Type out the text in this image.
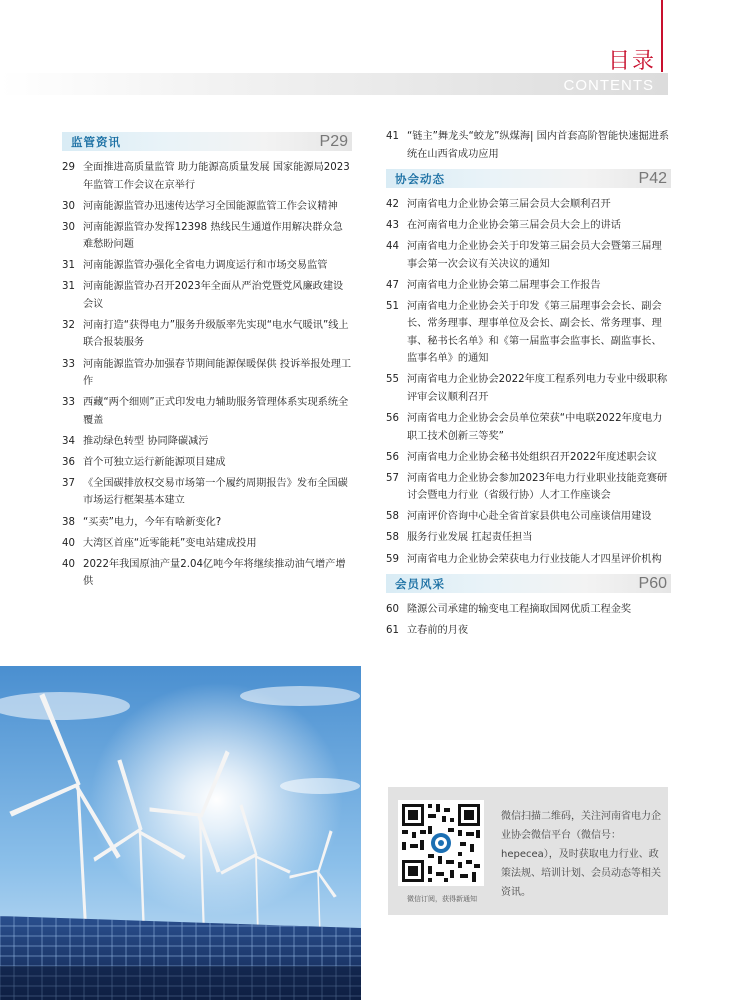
目录
CONTENTS
监管资讯	P29
29 全面推进高质量监管 助力能源高质量发展 国家能源局2023年监管工作会议在京举行
30 河南能源监管办迅速传达学习全国能源监管工作会议精神
30 河南能源监管办发挥12398 热线民生通道作用解决群众急难愁盼问题
31 河南能源监管办强化全省电力调度运行和市场交易监管
31 河南能源监管办召开2023年全面从严治党暨党风廉政建设会议
32 河南打造“获得电力”服务升级版率先实现“电水气暖讯”线上联合报装服务
33 河南能源监管办加强春节期间能源保暖保供 投诉举报处理工作
33 西藏“两个细则”正式印发电力辅助服务管理体系实现系统全覆盖
34 推动绿色转型 协同降碳减污
36 首个可独立运行新能源项目建成
37 《全国碳排放权交易市场第一个履约周期报告》发布全国碳市场运行框架基本建立
38 “买卖”电力，今年有啥新变化?
40 大湾区首座“近零能耗”变电站建成投用
40 2022年我国原油产量2.04亿吨今年将继续推动油气增产增供
41 “链主”舞龙头“蛟龙”纵煤海| 国内首套高阶智能快速掘进系统在山西省成功应用
协会动态	P42
42 河南省电力企业协会第三届会员大会顺利召开
43 在河南省电力企业协会第三届会员大会上的讲话
44 河南省电力企业协会关于印发第三届会员大会暨第三届理事会第一次会议有关决议的通知
47 河南省电力企业协会第二届理事会工作报告
51 河南省电力企业协会关于印发《第三届理事会会长、副会长、常务理事、理事单位及会长、副会长、常务理事、理事、秘书长名单》和《第一届监事会监事长、副监事长、监事名单》的通知
55 河南省电力企业协会2022年度工程系列电力专业中级职称评审会议顺利召开
56 河南省电力企业协会会员单位荣获“中电联2022年度电力职工技术创新三等奖”
56 河南省电力企业协会秘书处组织召开2022年度述职会议
57 河南省电力企业协会参加2023年电力行业职业技能竞赛研讨会暨电力行业（省级行协）人才工作座谈会
58 河南评价咨询中心赴全省首家县供电公司座谈信用建设
58 服务行业发展 扛起责任担当
59 河南省电力企业协会荣获电力行业技能人才四星评价机构
会员风采	P60
60 隆源公司承建的输变电工程摘取国网优质工程金奖
61 立春前的月夜
微信订阅，获得新通知
微信扫描二维码，关注河南省电力企业协会微信平台（微信号：hepecea），及时获取电力行业、政策法规、培训计划、会员动态等相关资讯。
